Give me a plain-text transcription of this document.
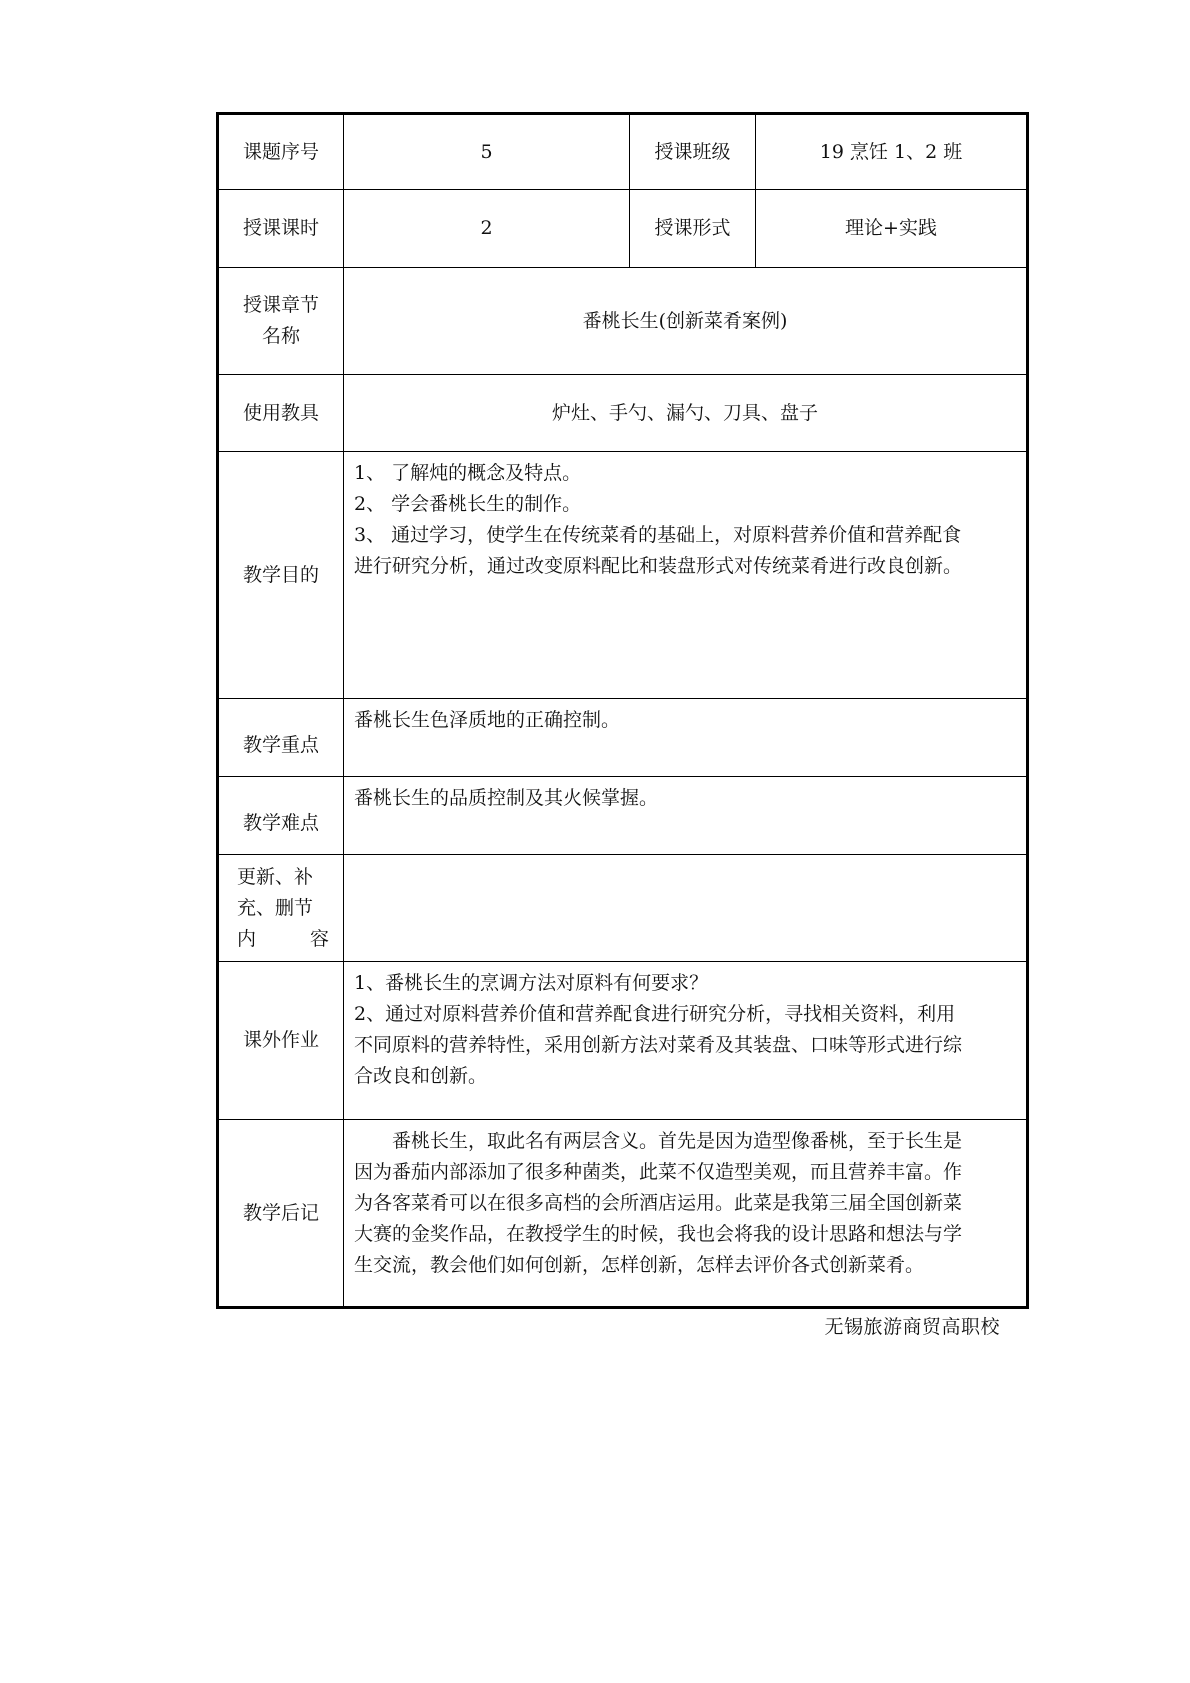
课题序号	5	授课班级	19 烹饪 1、2 班
授课课时	2	授课形式	理论+实践

授课章节
名称	番桃长生(创新菜肴案例)		
使用教具	炉灶、手勺、漏勺、刀具、盘子		
教学目的	1、 了解炖的概念及特点。
2、 学会番桃长生的制作。
3、 通过学习，使学生在传统菜肴的基础上，对原料营养价值和营养配食
进行研究分析，通过改变原料配比和装盘形式对传统菜肴进行改良创新。		

教学重点	番桃长生色泽质地的正确控制。		
教学难点	番桃长生的品质控制及其火候掌握。		

更新、补
充、删节
内 容			

课外作业	1、番桃长生的烹调方法对原料有何要求？
2、通过对原料营养价值和营养配食进行研究分析，寻找相关资料，利用
不同原料的营养特性，采用创新方法对菜肴及其装盘、口味等形式进行综
合改良和创新。		

教学后记	番桃长生，取此名有两层含义。首先是因为造型像番桃，至于长生是
因为番茄内部添加了很多种菌类，此菜不仅造型美观，而且营养丰富。作
为各客菜肴可以在很多高档的会所酒店运用。此菜是我第三届全国创新菜
大赛的金奖作品，在教授学生的时候，我也会将我的设计思路和想法与学
生交流，教会他们如何创新，怎样创新，怎样去评价各式创新菜肴。		
无锡旅游商贸高职校
